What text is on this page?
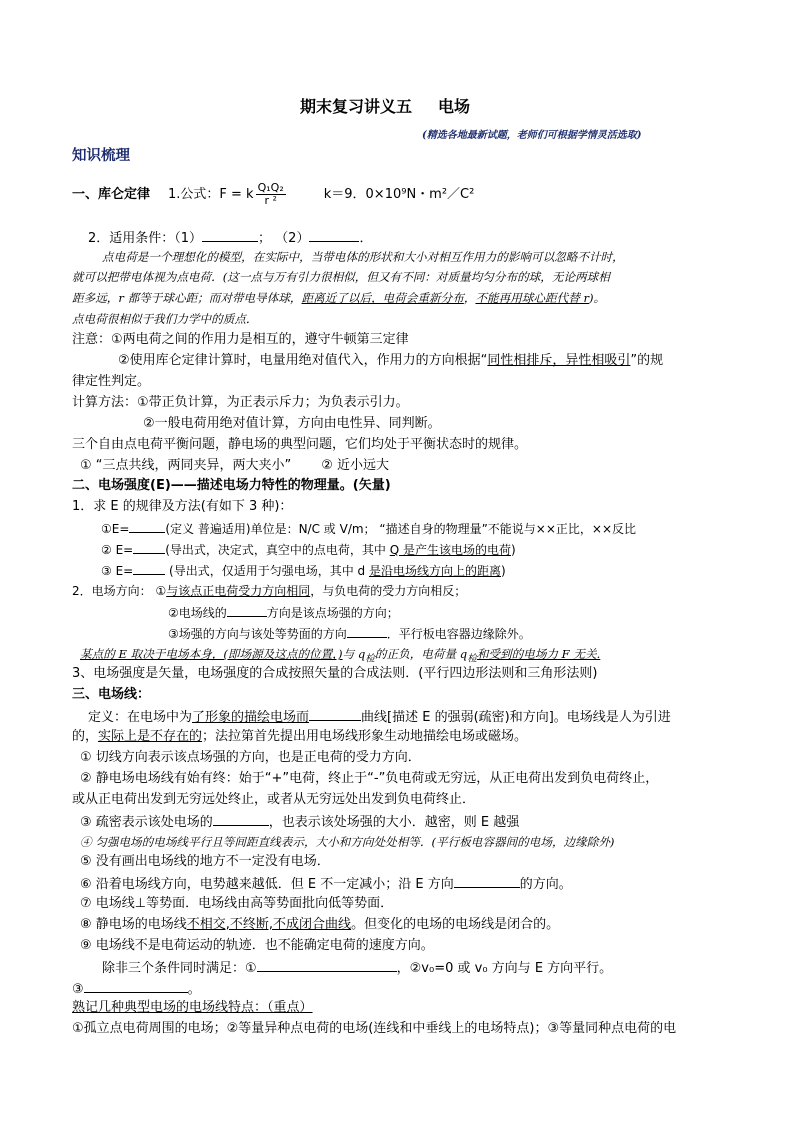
期末复习讲义五 电场
(精选各地最新试题，老师们可根据学情灵活选取)
知识梳理
一、库仑定律 1.公式：F = k $\frac{\text{Q₁Q₂}}{\text{r ²}}$	k＝9．0×10⁹N・m²／C²
2．适用条件：（1）	； （2）	．
点电荷是一个理想化的模型，在实际中，当带电体的形状和大小对相互作用力的影响可以忽略不计时，
就可以把带电体视为点电荷．(这一点与万有引力很相似，但又有不同：对质量均匀分布的球，无论两球相
距多远，r 都等于球心距；而对带电导体球，距离近了以后，电荷会重新分布，不能再用球心距代替 r)。
点电荷很相似于我们力学中的质点．
注意：①两电荷之间的作用力是相互的，遵守牛顿第三定律
②使用库仑定律计算时，电量用绝对值代入，作用力的方向根据“同性相排斥，异性相吸引”的规
律定性判定。
计算方法：①带正负计算，为正表示斥力；为负表示引力。
②一般电荷用绝对值计算，方向由电性异、同判断。
三个自由点电荷平衡问题，静电场的典型问题，它们均处于平衡状态时的规律。
① “三点共线，两同夹异，两大夹小” ② 近小远大
二、电场强度(E)——描述电场力特性的物理量。(矢量)
1．求 E 的规律及方法(有如下 3 种)：
①E=	(定义 普遍适用)单位是：N/C 或 V/m； “描述自身的物理量”不能说与××正比，××反比
② E=	(导出式，决定式，真空中的点电荷，其中 Q 是产生该电场的电荷)
③ E=	(导出式，仅适用于匀强电场，其中 d 是沿电场线方向上的距离)
2．电场方向： ①与该点正电荷受力方向相同，与负电荷的受力方向相反；
②电场线的	方向是该点场强的方向；
③场强的方向与该处等势面的方向	．平行板电容器边缘除外。
某点的 E 取决于电场本身，(即场源及这点的位置，)与 $q_检$的正负，电荷量 $q_检$和受到的电场力 F 无关.
3、电场强度是矢量，电场强度的合成按照矢量的合成法则．(平行四边形法则和三角形法则)
三、电场线：
定义：在电场中为了形象的描绘电场而	曲线[描述 E 的强弱(疏密)和方向]。电场线是人为引进
的，实际上是不存在的；法拉第首先提出用电场线形象生动地描绘电场或磁场。
① 切线方向表示该点场强的方向，也是正电荷的受力方向．
② 静电场电场线有始有终：始于“+”电荷，终止于“-”负电荷或无穷远，从正电荷出发到负电荷终止，
或从正电荷出发到无穷远处终止，或者从无穷远处出发到负电荷终止．
③ 疏密表示该处电场的	，也表示该处场强的大小．越密，则 E 越强
④ 匀强电场的电场线平行且等间距直线表示，大小和方向处处相等．(平行板电容器间的电场，边缘除外)
⑤ 没有画出电场线的地方不一定没有电场．
⑥ 沿着电场线方向，电势越来越低．但 E 不一定减小；沿 E 方向	的方向。
⑦ 电场线⊥等势面．电场线由高等势面批向低等势面．
⑧ 静电场的电场线不相交,不终断,不成闭合曲线。但变化的电场的电场线是闭合的。
⑨ 电场线不是电荷运动的轨迹．也不能确定电荷的速度方向。
除非三个条件同时满足：①	，②v₀=0 或 v₀ 方向与 E 方向平行。
③	。
熟记几种典型电场的电场线特点：（重点）
①孤立点电荷周围的电场；②等量异种点电荷的电场(连线和中垂线上的电场特点)；③等量同种点电荷的电
